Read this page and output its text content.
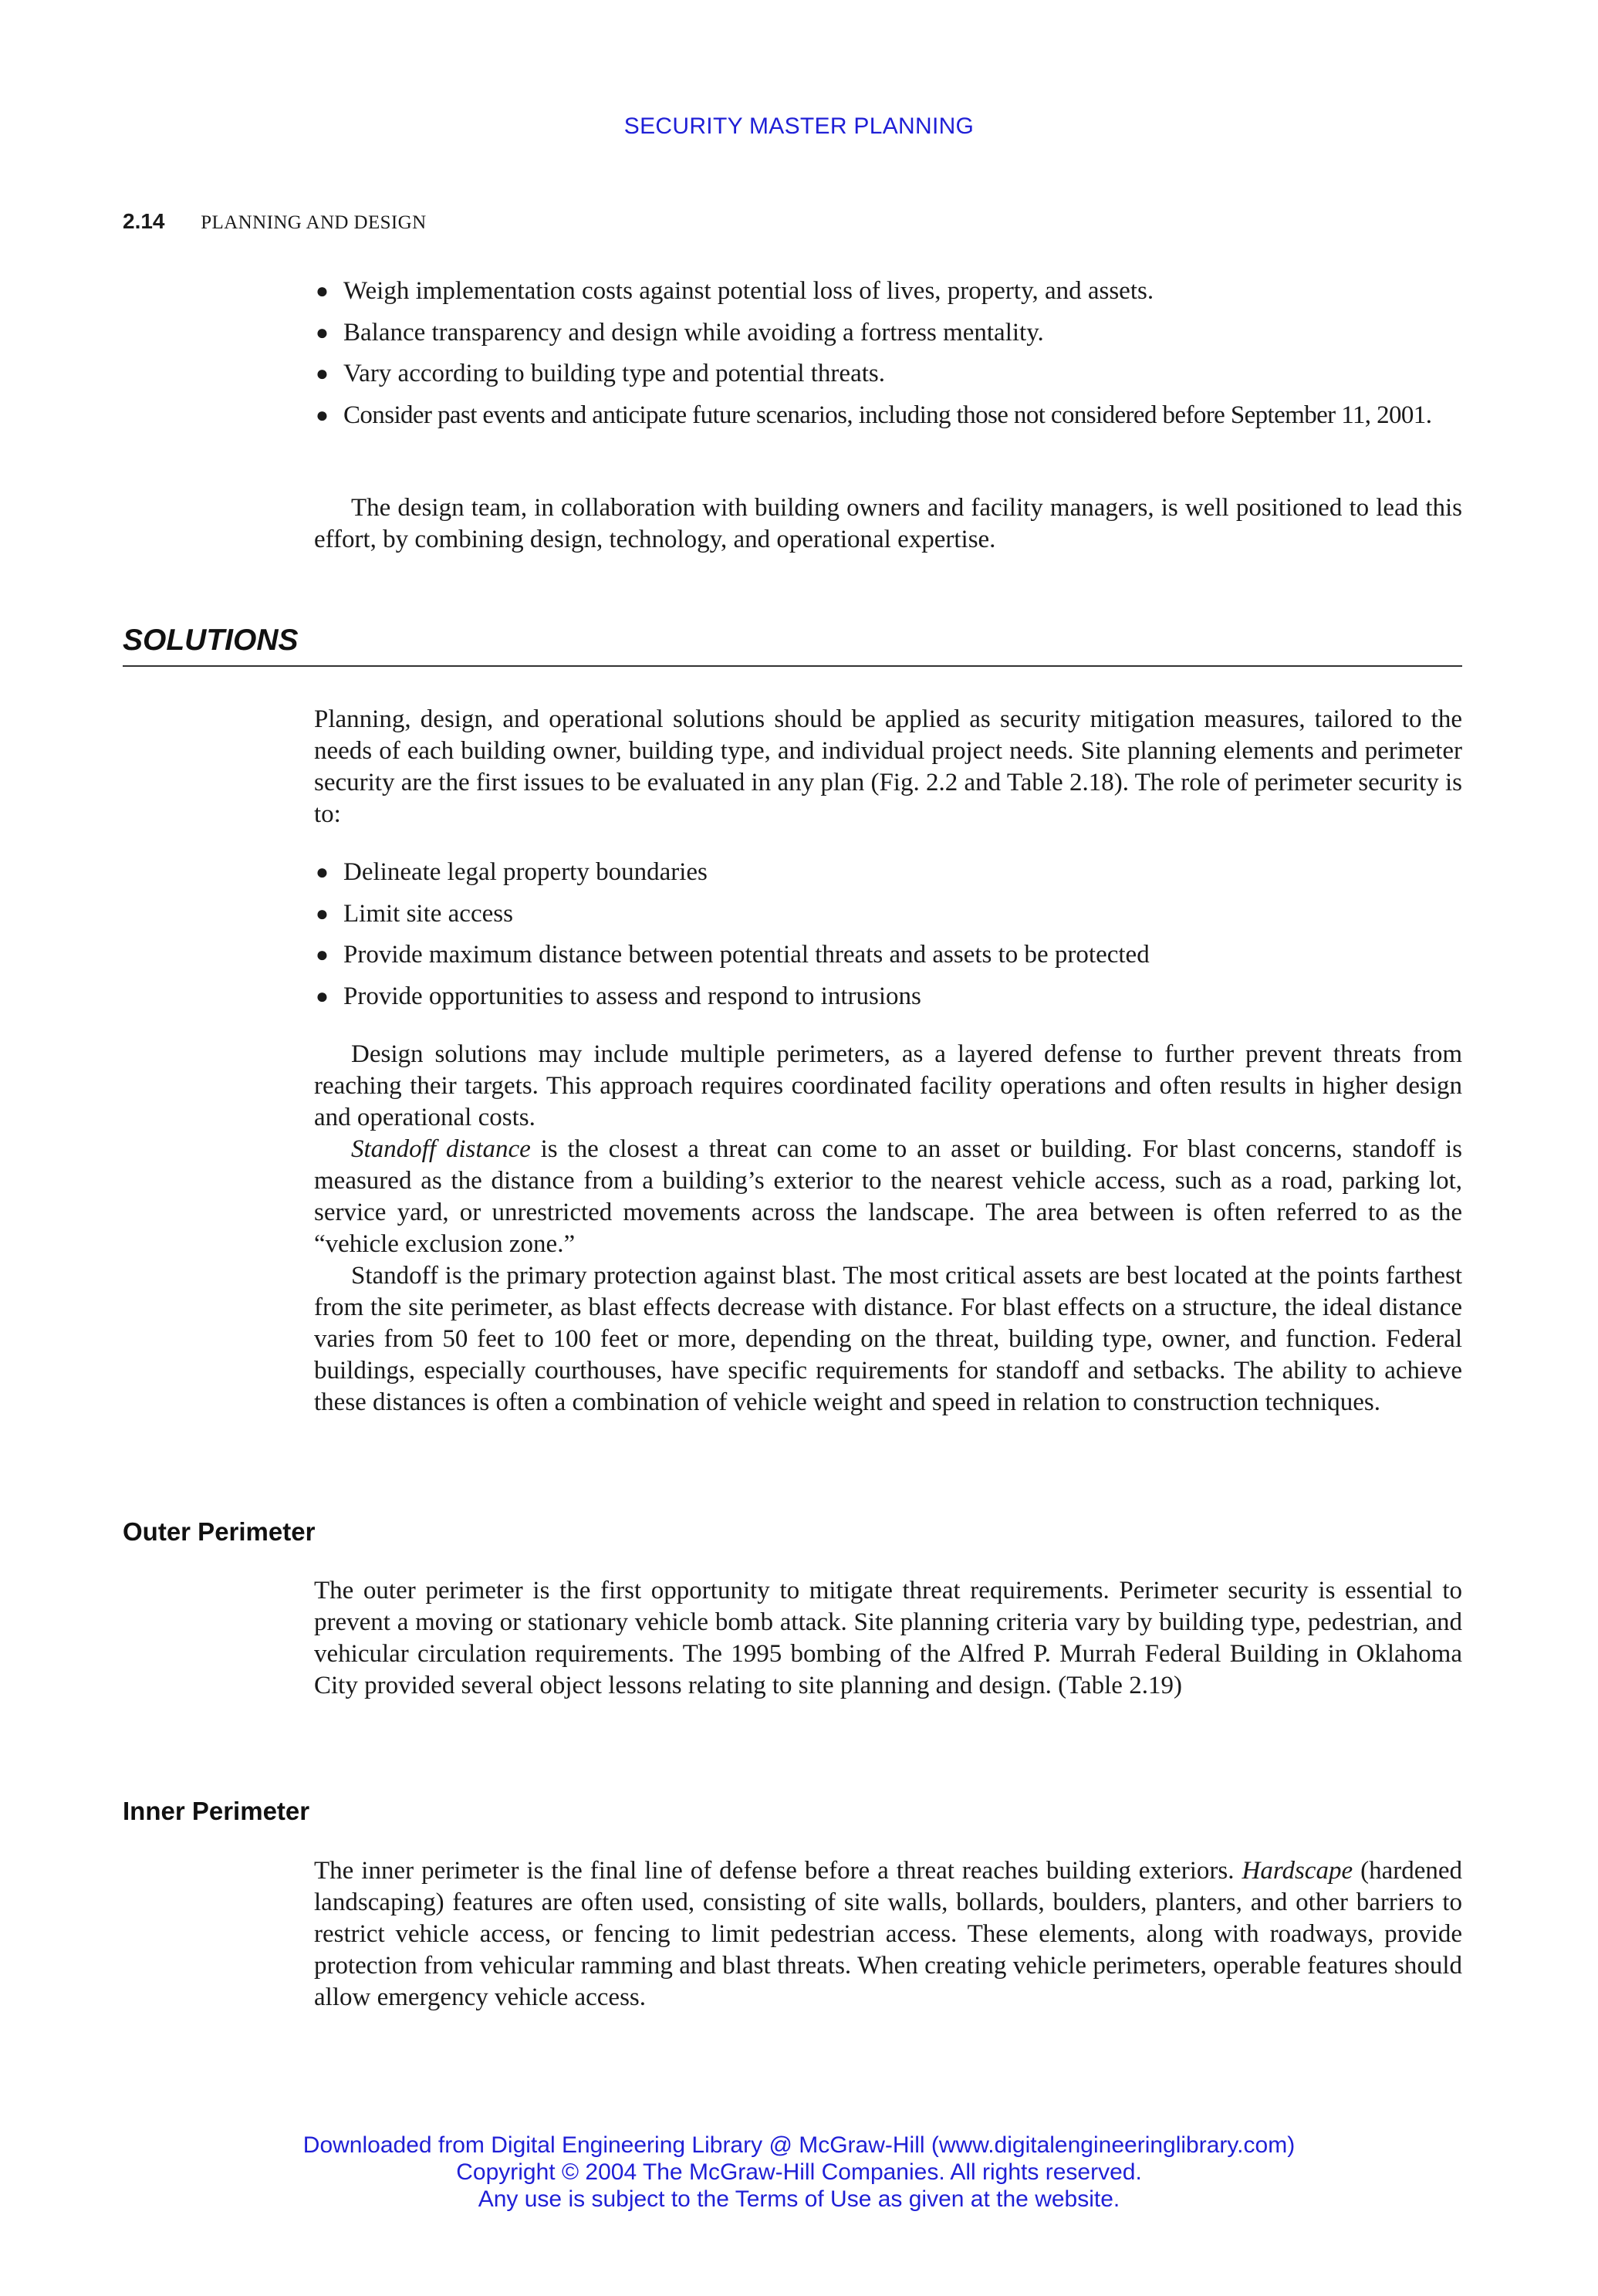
SECURITY MASTER PLANNING
2.14 PLANNING AND DESIGN
● Weigh implementation costs against potential loss of lives, property, and assets.
● Balance transparency and design while avoiding a fortress mentality.
● Vary according to building type and potential threats.
● Consider past events and anticipate future scenarios, including those not considered before September 11, 2001.
The design team, in collaboration with building owners and facility managers, is well positioned to lead this effort, by combining design, technology, and operational expertise.
SOLUTIONS
Planning, design, and operational solutions should be applied as security mitigation measures, tailored to the needs of each building owner, building type, and individual project needs. Site planning elements and perimeter security are the first issues to be evaluated in any plan (Fig. 2.2 and Table 2.18). The role of perimeter security is to:
● Delineate legal property boundaries
● Limit site access
● Provide maximum distance between potential threats and assets to be protected
● Provide opportunities to assess and respond to intrusions
Design solutions may include multiple perimeters, as a layered defense to further prevent threats from reaching their targets. This approach requires coordinated facility operations and often results in higher design and operational costs.
Standoff distance is the closest a threat can come to an asset or building. For blast concerns, standoff is measured as the distance from a building’s exterior to the nearest vehicle access, such as a road, parking lot, service yard, or unrestricted movements across the landscape. The area between is often referred to as the “vehicle exclusion zone.”
Standoff is the primary protection against blast. The most critical assets are best located at the points farthest from the site perimeter, as blast effects decrease with distance. For blast effects on a structure, the ideal distance varies from 50 feet to 100 feet or more, depending on the threat, building type, owner, and function. Federal buildings, especially courthouses, have specific requirements for standoff and setbacks. The ability to achieve these distances is often a combination of vehicle weight and speed in relation to construction techniques.
Outer Perimeter
The outer perimeter is the first opportunity to mitigate threat requirements. Perimeter security is essential to prevent a moving or stationary vehicle bomb attack. Site planning criteria vary by building type, pedestrian, and vehicular circulation requirements. The 1995 bombing of the Alfred P. Murrah Federal Building in Oklahoma City provided several object lessons relating to site planning and design. (Table 2.19)
Inner Perimeter
The inner perimeter is the final line of defense before a threat reaches building exteriors. Hardscape (hardened landscaping) features are often used, consisting of site walls, bollards, boulders, planters, and other barriers to restrict vehicle access, or fencing to limit pedestrian access. These elements, along with roadways, provide protection from vehicular ramming and blast threats. When creating vehicle perimeters, operable features should allow emergency vehicle access.
Downloaded from Digital Engineering Library @ McGraw-Hill (www.digitalengineeringlibrary.com)
Copyright © 2004 The McGraw-Hill Companies. All rights reserved.
Any use is subject to the Terms of Use as given at the website.
